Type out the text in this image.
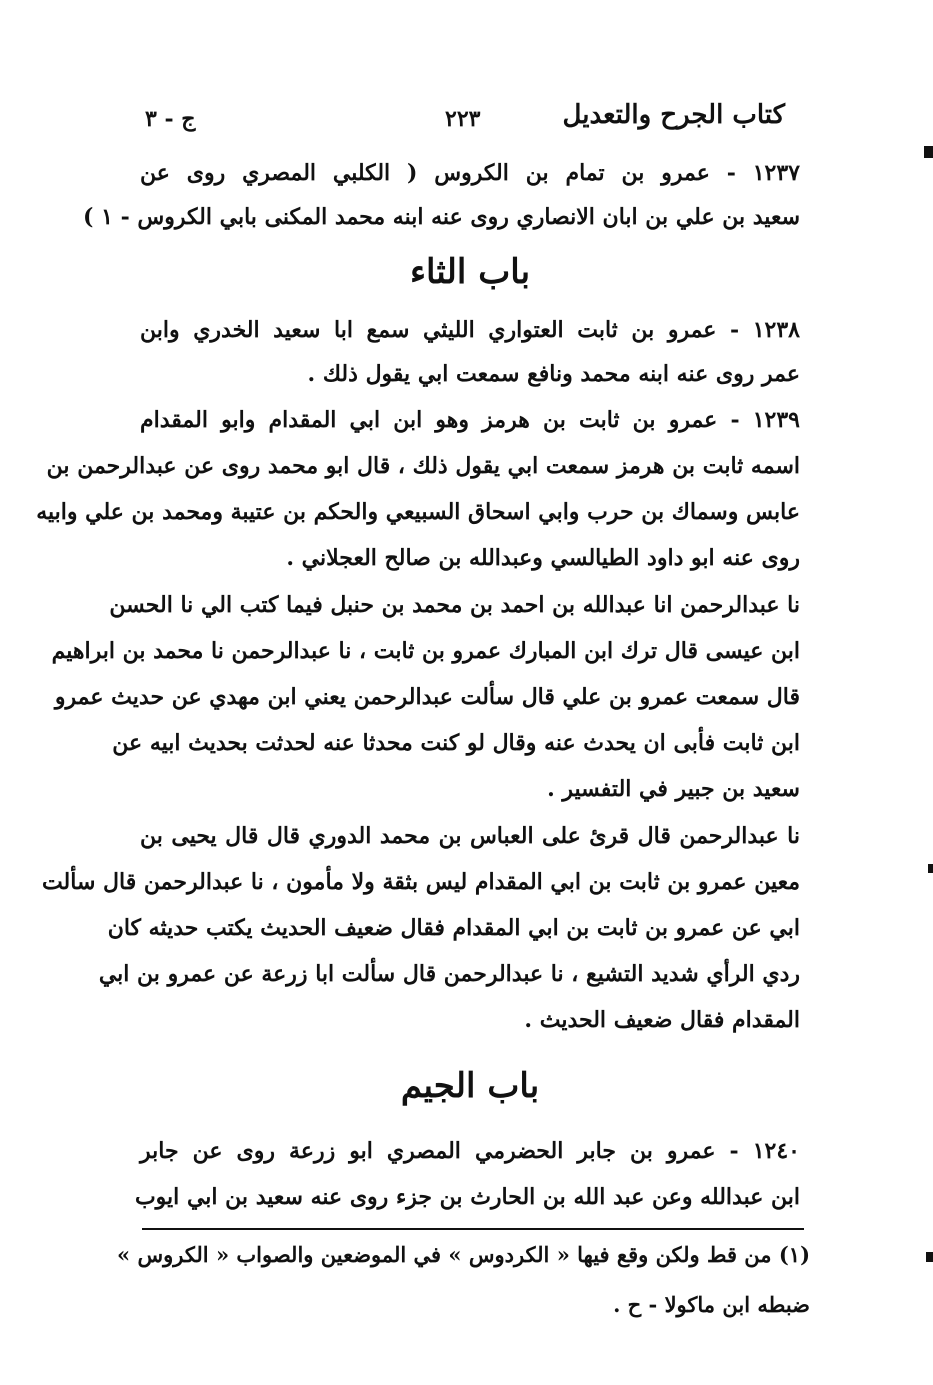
كتاب الجرح والتعديل
٢٢٣
ج - ٣
١٢٣٧ - عمرو بن تمام بن الكروس ( الكلبي المصري روى عن
سعيد بن علي بن ابان الانصاري روى عنه ابنه محمد المكنى بابي الكروس - ١ )
١٢٣٨ - عمرو بن ثابت العتواري الليثي سمع ابا سعيد الخدري وابن
عمر روى عنه ابنه محمد ونافع سمعت ابي يقول ذلك .
١٢٣٩ - عمرو بن ثابت بن هرمز وهو ابن ابي المقدام وابو المقدام
اسمه ثابت بن هرمز سمعت ابي يقول ذلك ، قال ابو محمد روى عن عبدالرحمن بن
عابس وسماك بن حرب وابي اسحاق السبيعي والحكم بن عتيبة ومحمد بن علي وابيه
روى عنه ابو داود الطيالسي وعبدالله بن صالح العجلاني .
نا عبدالرحمن انا عبدالله بن احمد بن محمد بن حنبل فيما كتب الي نا الحسن
ابن عيسى قال ترك ابن المبارك عمرو بن ثابت ، نا عبدالرحمن نا محمد بن ابراهيم
قال سمعت عمرو بن علي قال سألت عبدالرحمن يعني ابن مهدي عن حديث عمرو
ابن ثابت فأبى ان يحدث عنه وقال لو كنت محدثا عنه لحدثت بحديث ابيه عن
سعيد بن جبير في التفسير .
نا عبدالرحمن قال قرئ على العباس بن محمد الدوري قال قال يحيى بن
معين عمرو بن ثابت بن ابي المقدام ليس بثقة ولا مأمون ، نا عبدالرحمن قال سألت
ابي عن عمرو بن ثابت بن ابي المقدام فقال ضعيف الحديث يكتب حديثه كان
ردي الرأي شديد التشيع ، نا عبدالرحمن قال سألت ابا زرعة عن عمرو بن ابي
المقدام فقال ضعيف الحديث .
١٢٤٠ - عمرو بن جابر الحضرمي المصري ابو زرعة روى عن جابر
ابن عبدالله وعن عبد الله بن الحارث بن جزء روى عنه سعيد بن ابي ايوب
باب الثاء
باب الجيم
(١) من قط ولكن وقع فيها « الكردوس » في الموضعين والصواب « الكروس »
ضبطه ابن ماكولا - ح .
